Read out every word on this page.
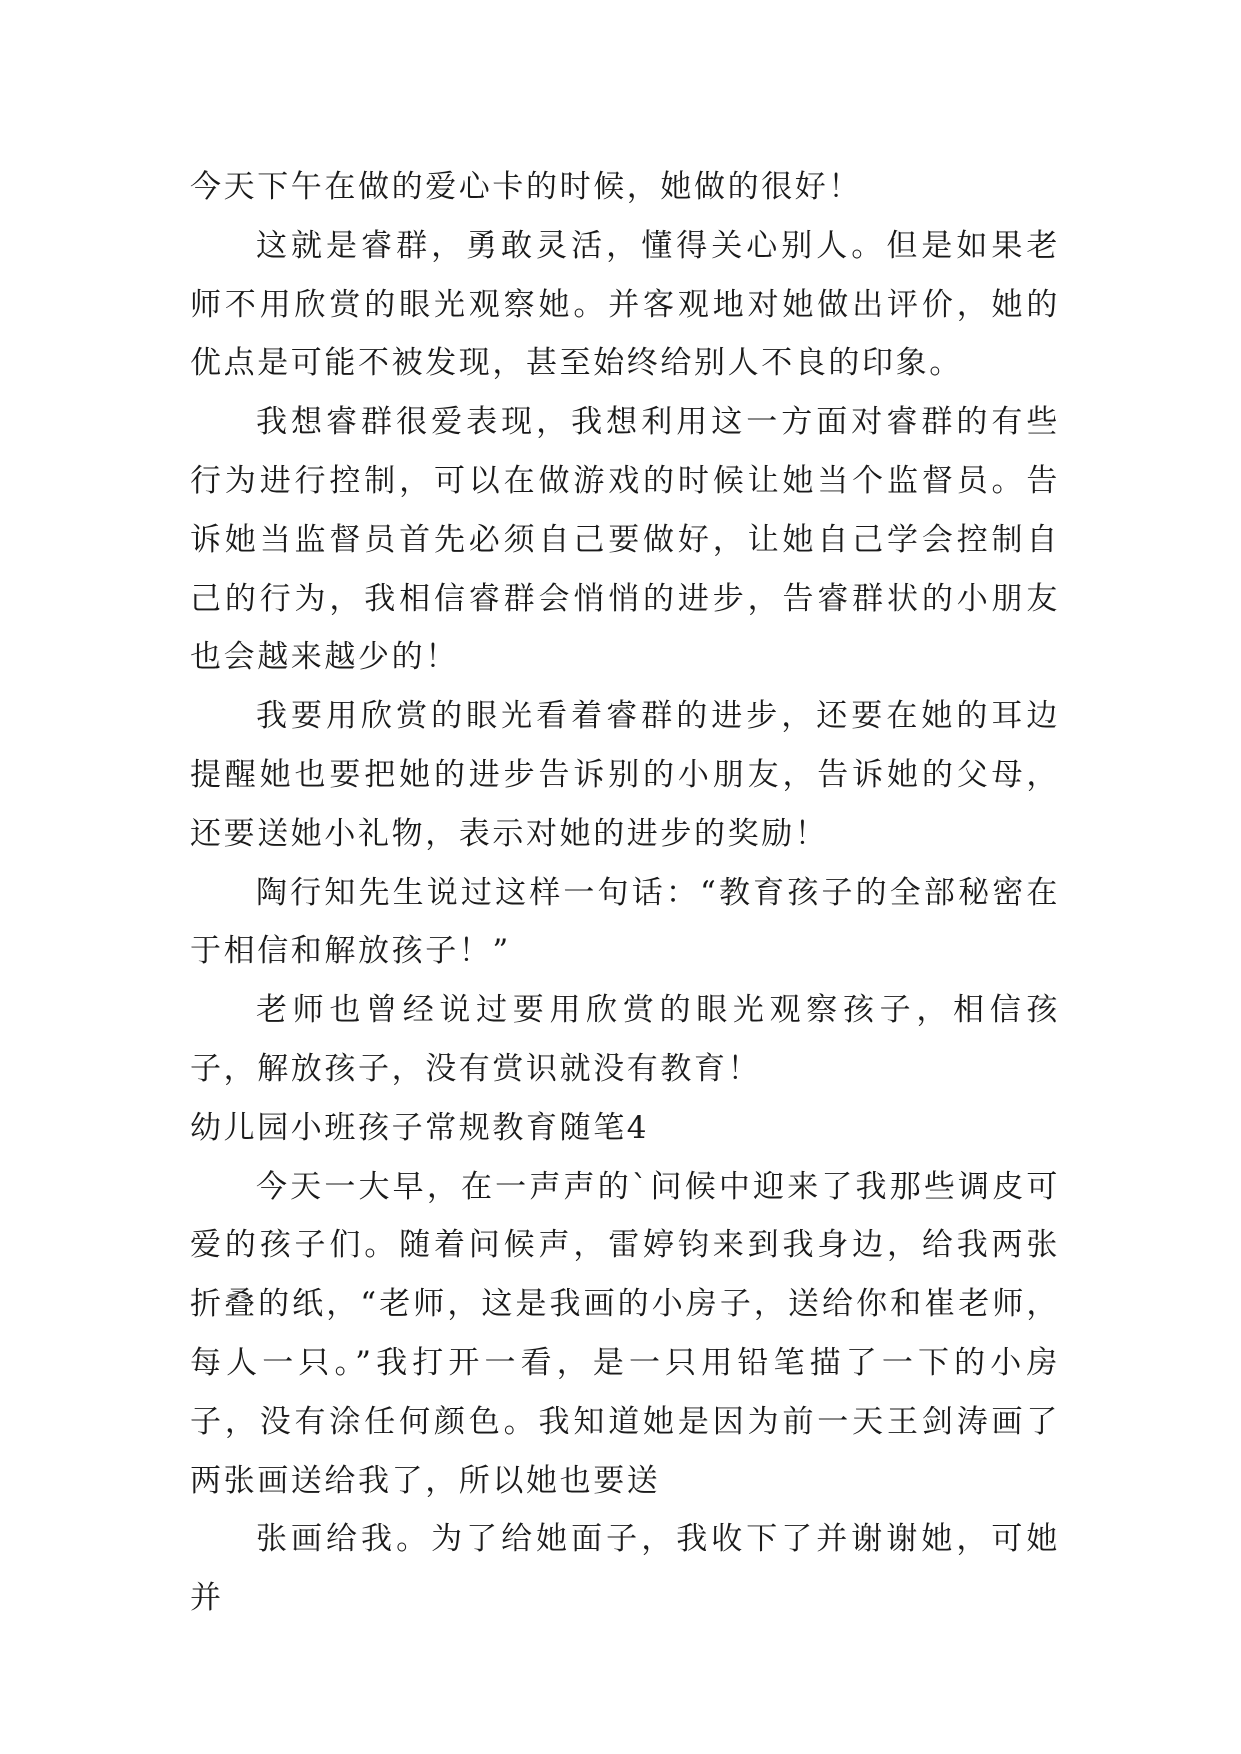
今天下午在做的爱心卡的时候，她做的很好！

这就是睿群，勇敢灵活，懂得关心别人。但是如果老师不用欣赏的眼光观察她。并客观地对她做出评价，她的优点是可能不被发现，甚至始终给别人不良的印象。

我想睿群很爱表现，我想利用这一方面对睿群的有些行为进行控制，可以在做游戏的时候让她当个监督员。告诉她当监督员首先必须自己要做好，让她自己学会控制自己的行为，我相信睿群会悄悄的进步，告睿群状的小朋友也会越来越少的！

我要用欣赏的眼光看着睿群的进步，还要在她的耳边提醒她也要把她的进步告诉别的小朋友，告诉她的父母，还要送她小礼物，表示对她的进步的奖励！

陶行知先生说过这样一句话：“教育孩子的全部秘密在于相信和解放孩子！”

老师也曾经说过要用欣赏的眼光观察孩子，相信孩子，解放孩子，没有赏识就没有教育！

幼儿园小班孩子常规教育随笔4

今天一大早，在一声声的`问候中迎来了我那些调皮可爱的孩子们。随着问候声，雷婷钧来到我身边，给我两张折叠的纸，“老师，这是我画的小房子，送给你和崔老师，每人一只。”我打开一看，是一只用铅笔描了一下的小房子，没有涂任何颜色。我知道她是因为前一天王剑涛画了两张画送给我了，所以她也要送

张画给我。为了给她面子，我收下了并谢谢她，可她并
